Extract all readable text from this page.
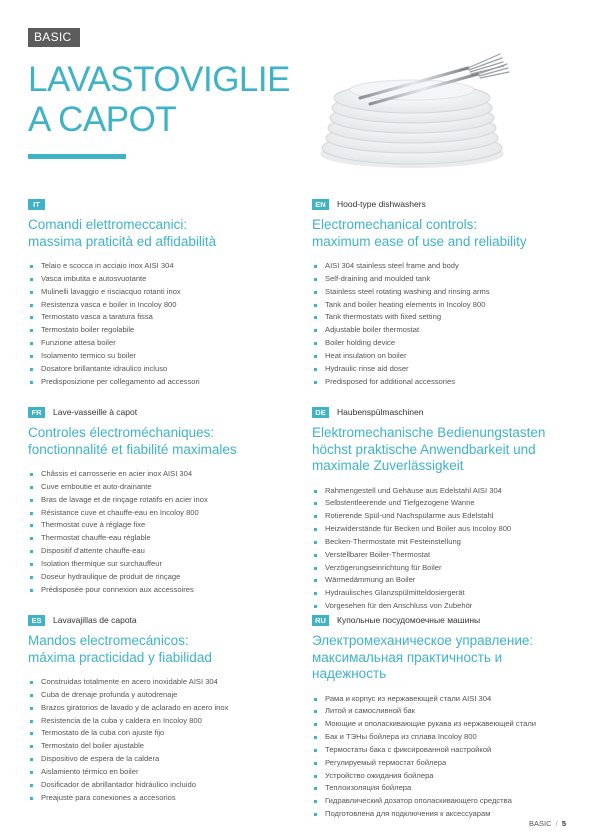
BASIC
LAVASTOVIGLIE
A CAPOT
IT
Comandi elettromeccanici:
massima praticità ed affidabilità
Telaio e scocca in acciaio inox AISI 304
Vasca imbutita e autosvuotante
Mulinelli lavaggio e risciacquo rotanti inox
Resistenza vasca e boiler in Incoloy 800
Termostato vasca a taratura fissa
Termostato boiler regolabile
Funzione attesa boiler
Isolamento termico su boiler
Dosatore brillantante idraulico incluso
Predisposizione per collegamento ad accessori
EN	Hood-type dishwashers
Electromechanical controls:
maximum ease of use and reliability
AISI 304 stainless steel frame and body
Self-draining and moulded tank
Stainless steel rotating washing and rinsing arms
Tank and boiler heating elements in Incoloy 800
Tank thermostats with fixed setting
Adjustable boiler thermostat
Boiler holding device
Heat insulation on boiler
Hydraulic rinse aid doser
Predisposed for additional accessories
FR	Lave-vasseille à capot
Controles électroméchaniques:
fonctionnalité et fiabilité maximales
Châssis et carrosserie en acier inox AISI 304
Cuve emboutie et auto-drainante
Bras de lavage et de rinçage rotatifs en acier inox
Résistance cuve et chauffe-eau en Incoloy 800
Thermostat cuve à réglage fixe
Thermostat chauffe-eau réglable
Dispositif d'attente chauffe-eau
Isolation thermique sur surchauffeur
Doseur hydraulique de produit de rinçage
Prédisposée pour connexion aux accessoires
DE	Haubenspülmaschinen
Elektromechanische Bedienungstasten
höchst praktische Anwendbarkeit und
maximale Zuverlässigkeit
Rahmengestell und Gehäuse aus Edelstahl AISI 304
Selbstentleerende und Tiefgezogene Wanne
Rotierende Spül-und Nachspülarme aus Edelstahl
Heizwiderstände für Becken und Boiler aus Incoloy 800
Becken-Thermostate mit Festeinstellung
Verstellbarer Boiler-Thermostat
Verzögerungseinrichtung für Boiler
Wärmedämmung an Boiler
Hydraulisches Glanzspülmitteldosiergerät
Vorgesehen für den Anschluss von Zubehör
ES	Lavavajillas de capota
Mandos electromecánicos:
máxima practicidad y fiabilidad
Construidas totalmente en acero inoxidable AISI 304
Cuba de drenaje profunda y autodrenaje
Brazos giratorios de lavado y de aclarado en acero inox
Resistencia de la cuba y caldera en Incoloy 800
Termostato de la cuba con ajuste fijo
Termostato del boiler ajustable
Dispositivo de espera de la caldera
Aislamiento térmico en boiler
Dosificador de abrillantador hidráulico incluido
Preajuste para conexiones a accesorios
RU	Купольные посудомоечные машины
Электромеханическое управление:
максимальная практичность и надежность
Рама и корпус из нержавеющей стали AISI 304
Литой и самосливной бак
Моющие и ополаскивающие рукава из нержавеющей стали
Бак и ТЭНы бойлера из сплава Incoloy 800
Термостаты бака с фиксированной настройкой
Регулируемый термостат бойлера
Устройство ожидания бойлера
Теплоизоляция бойлера
Гидравлический дозатор ополаскивающего средства
Подготовлена для подключения к аксессуарам
BASIC / 5
